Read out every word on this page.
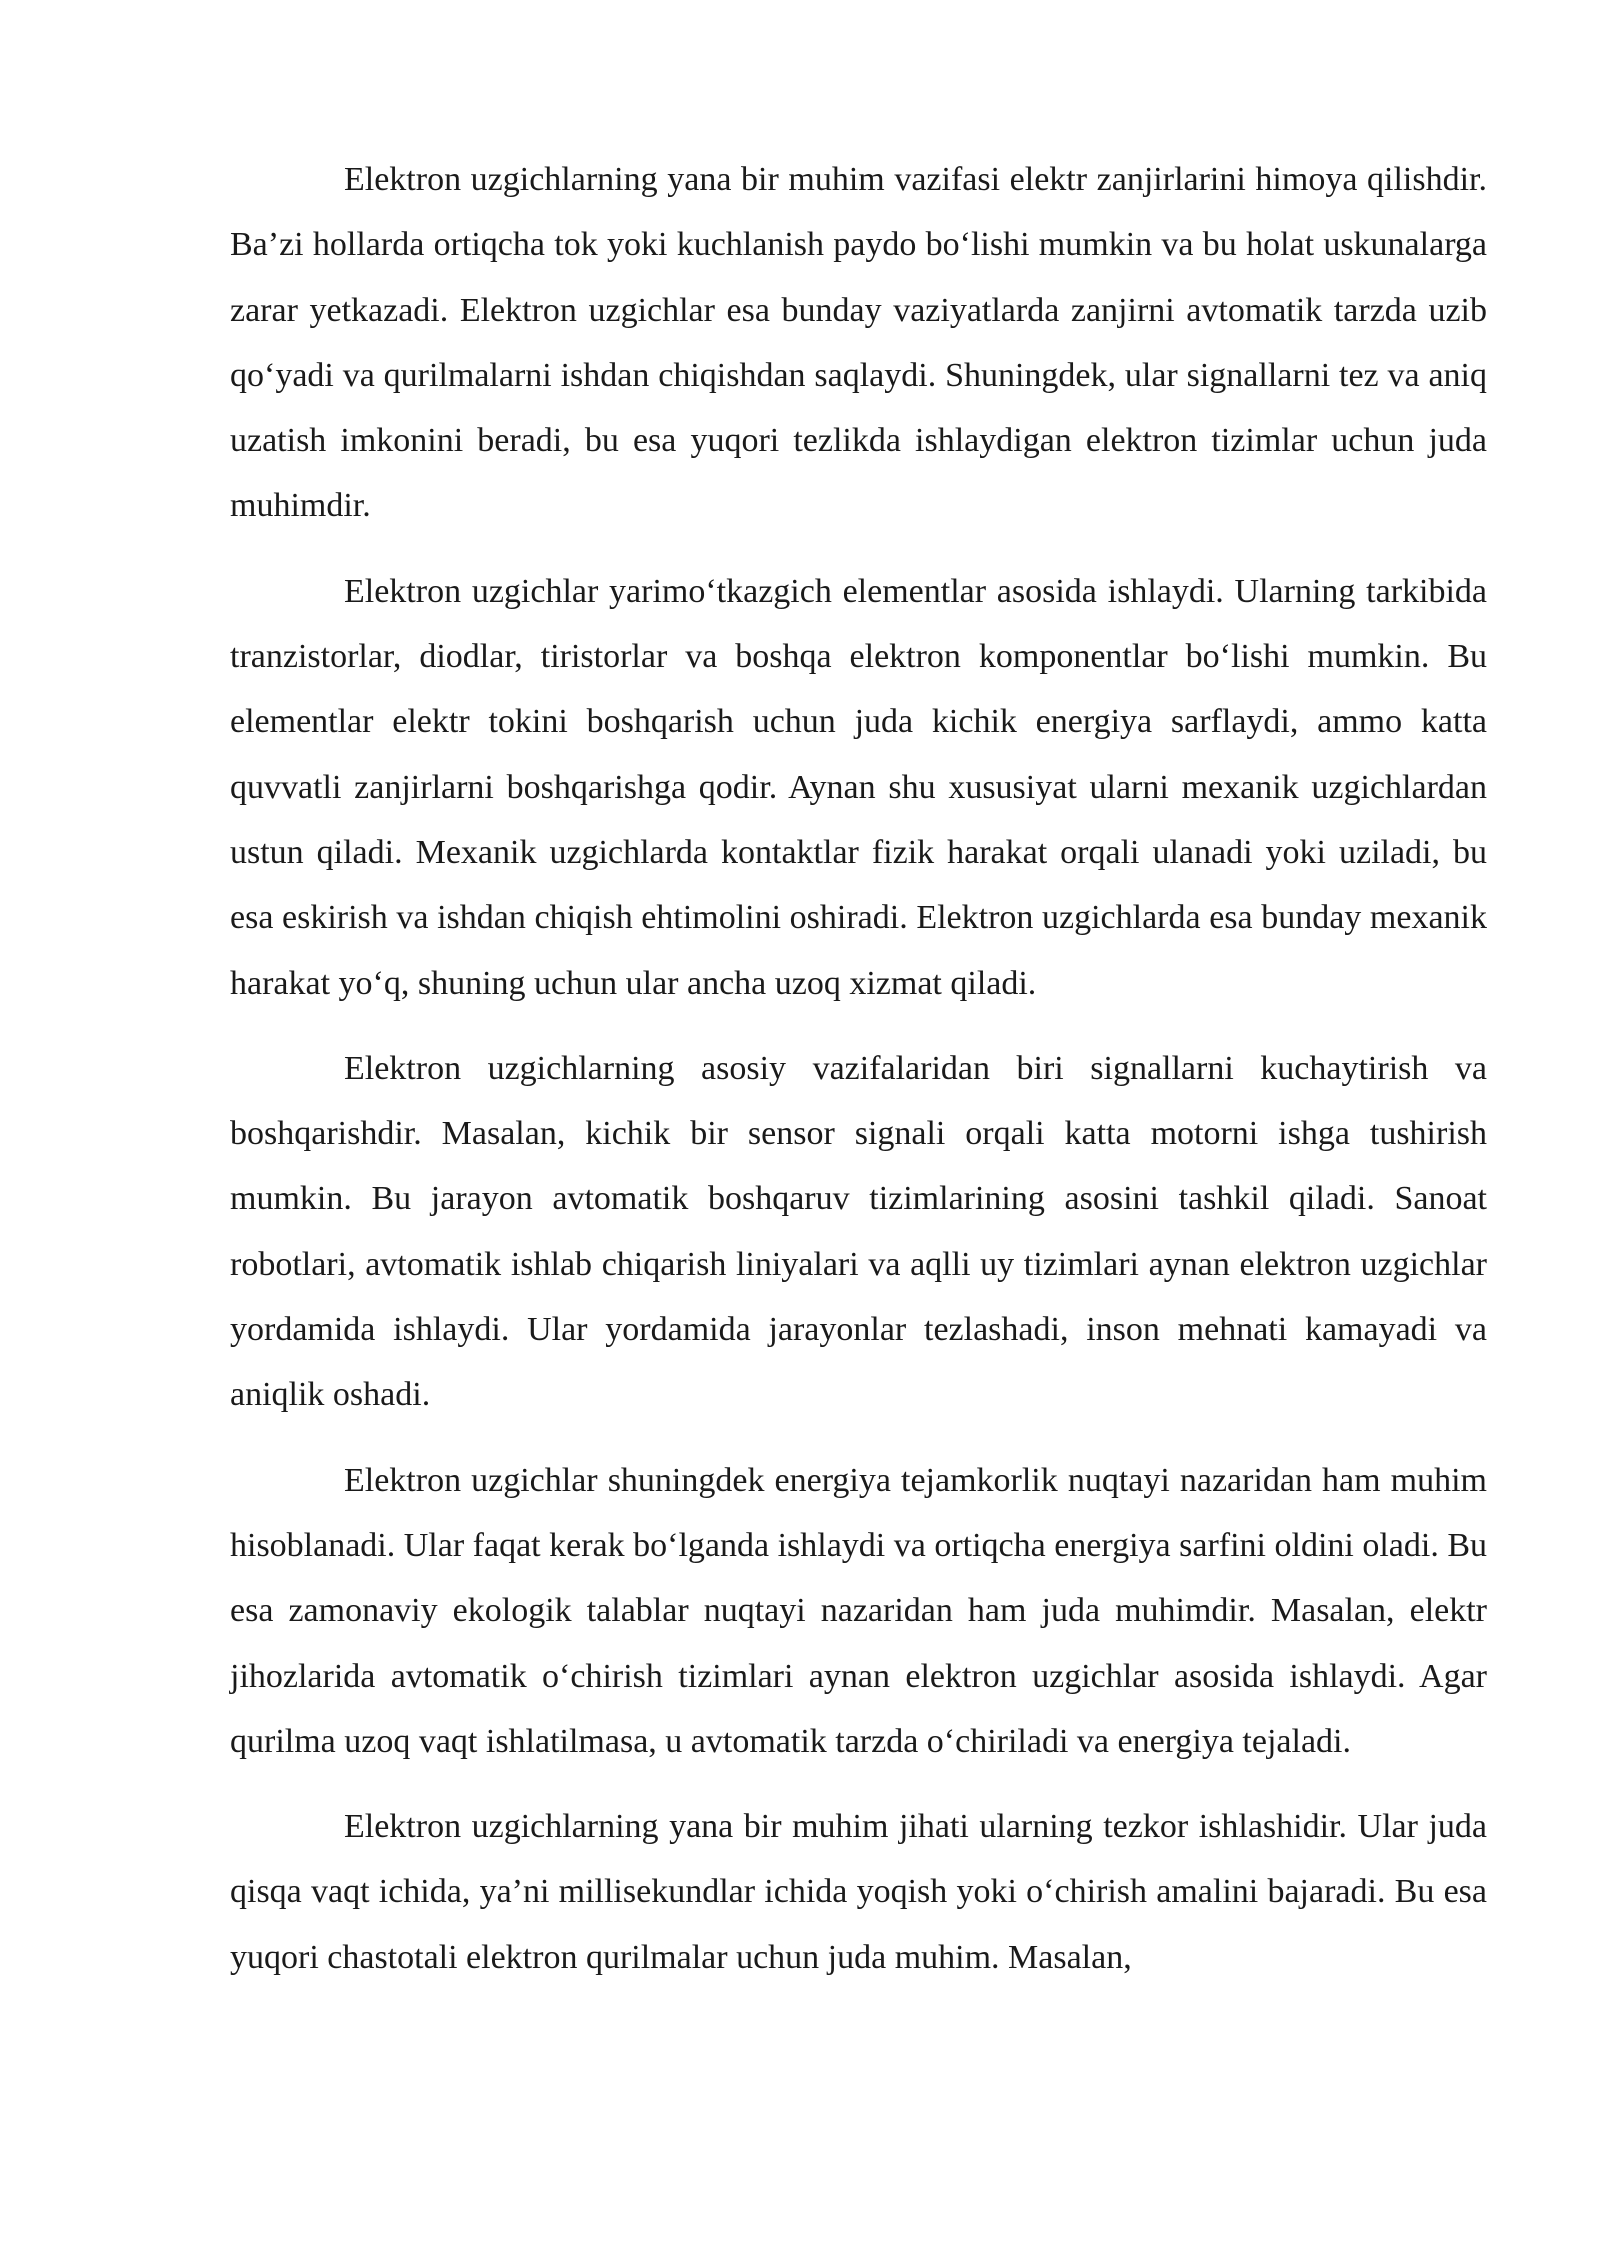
Elektron uzgichlarning yana bir muhim vazifasi elektr zanjirlarini himoya qilishdir. Ba’zi hollarda ortiqcha tok yoki kuchlanish paydo bo‘lishi mumkin va bu holat uskunalarga zarar yetkazadi. Elektron uzgichlar esa bunday vaziyatlarda zanjirni avtomatik tarzda uzib qo‘yadi va qurilmalarni ishdan chiqishdan saqlaydi. Shuningdek, ular signallarni tez va aniq uzatish imkonini beradi, bu esa yuqori tezlikda ishlaydigan elektron tizimlar uchun juda muhimdir.

Elektron uzgichlar yarimo‘tkazgich elementlar asosida ishlaydi. Ularning tarkibida tranzistorlar, diodlar, tiristorlar va boshqa elektron komponentlar bo‘lishi mumkin. Bu elementlar elektr tokini boshqarish uchun juda kichik energiya sarflaydi, ammo katta quvvatli zanjirlarni boshqarishga qodir. Aynan shu xususiyat ularni mexanik uzgichlardan ustun qiladi. Mexanik uzgichlarda kontaktlar fizik harakat orqali ulanadi yoki uziladi, bu esa eskirish va ishdan chiqish ehtimolini oshiradi. Elektron uzgichlarda esa bunday mexanik harakat yo‘q, shuning uchun ular ancha uzoq xizmat qiladi.

Elektron uzgichlarning asosiy vazifalaridan biri signallarni kuchaytirish va boshqarishdir. Masalan, kichik bir sensor signali orqali katta motorni ishga tushirish mumkin. Bu jarayon avtomatik boshqaruv tizimlarining asosini tashkil qiladi. Sanoat robotlari, avtomatik ishlab chiqarish liniyalari va aqlli uy tizimlari aynan elektron uzgichlar yordamida ishlaydi. Ular yordamida jarayonlar tezlashadi, inson mehnati kamayadi va aniqlik oshadi.

Elektron uzgichlar shuningdek energiya tejamkorlik nuqtayi nazaridan ham muhim hisoblanadi. Ular faqat kerak bo‘lganda ishlaydi va ortiqcha energiya sarfini oldini oladi. Bu esa zamonaviy ekologik talablar nuqtayi nazaridan ham juda muhimdir. Masalan, elektr jihozlarida avtomatik o‘chirish tizimlari aynan elektron uzgichlar asosida ishlaydi. Agar qurilma uzoq vaqt ishlatilmasa, u avtomatik tarzda o‘chiriladi va energiya tejaladi.

Elektron uzgichlarning yana bir muhim jihati ularning tezkor ishlashidir. Ular juda qisqa vaqt ichida, ya’ni millisekundlar ichida yoqish yoki o‘chirish amalini bajaradi. Bu esa yuqori chastotali elektron qurilmalar uchun juda muhim. Masalan,
